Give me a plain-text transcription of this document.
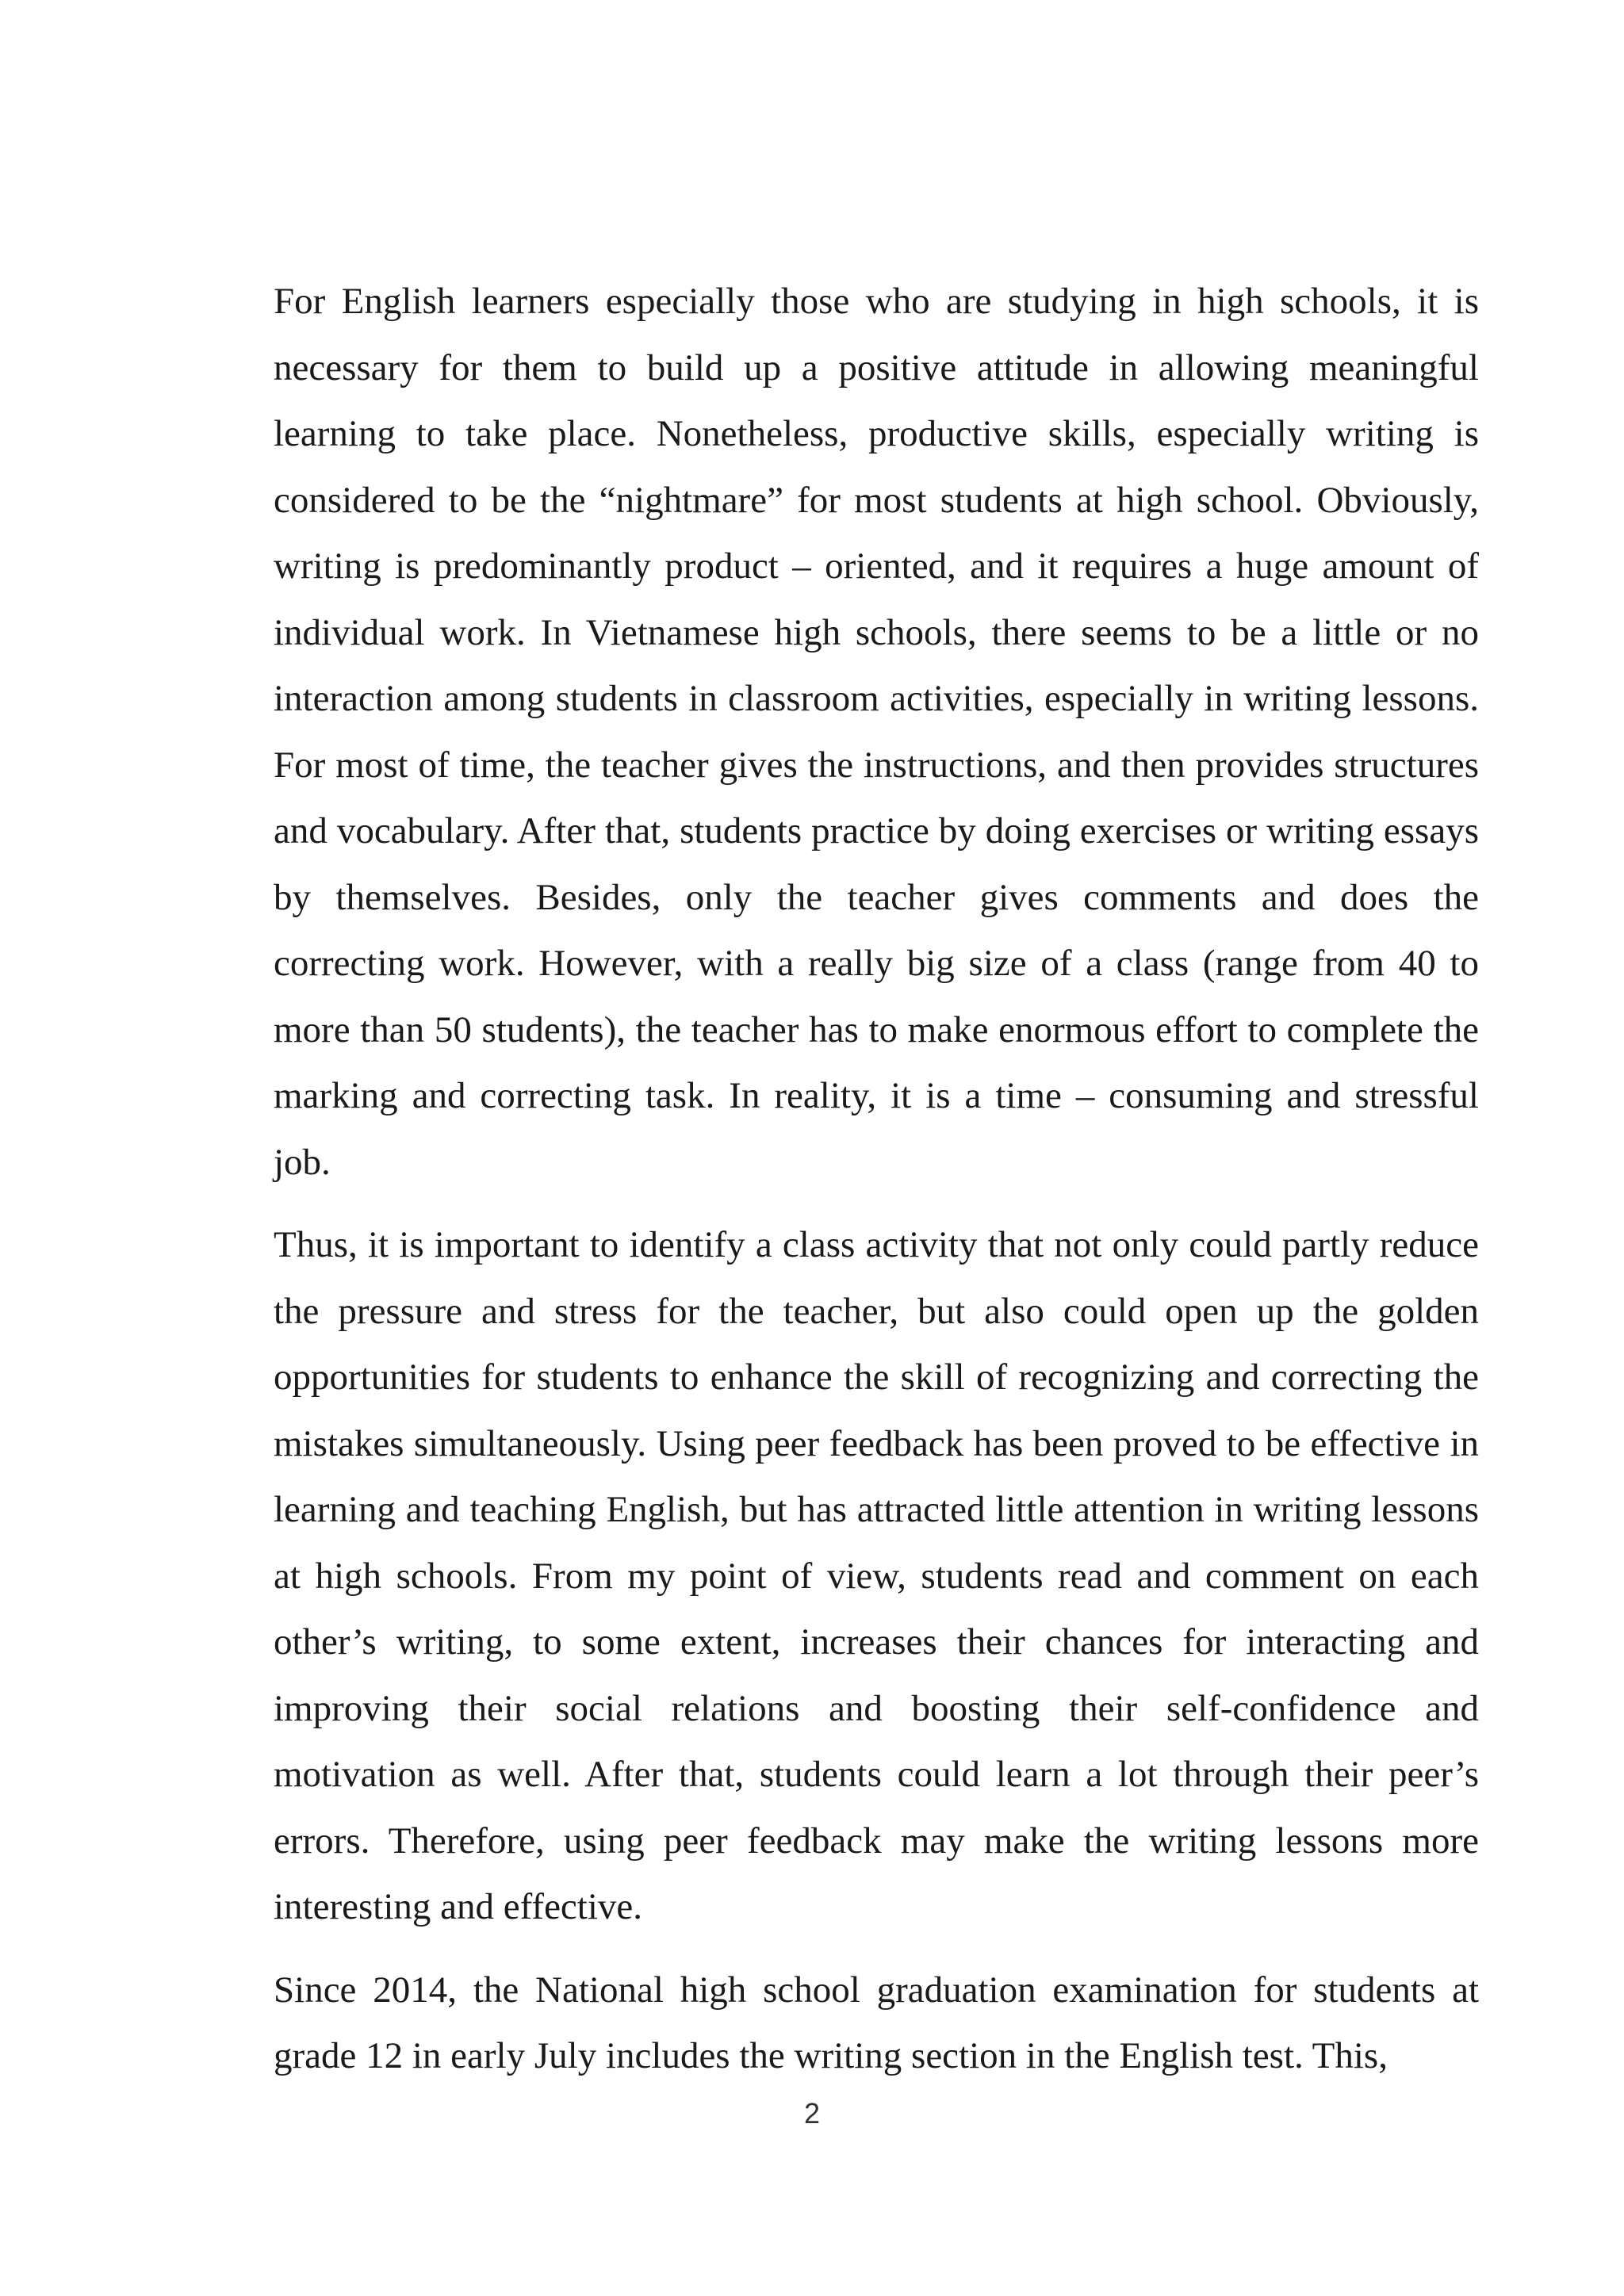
For English learners especially those who are studying in high schools, it is necessary for them to build up a positive attitude in allowing meaningful learning to take place. Nonetheless, productive skills, especially writing is considered to be the “nightmare” for most students at high school. Obviously, writing is predominantly product – oriented, and it requires a huge amount of individual work. In Vietnamese high schools, there seems to be a little or no interaction among students in classroom activities, especially in writing lessons. For most of time, the teacher gives the instructions, and then provides structures and vocabulary. After that, students practice by doing exercises or writing essays by themselves. Besides, only the teacher gives comments and does the correcting work. However, with a really big size of a class (range from 40 to more than 50 students), the teacher has to make enormous effort to complete the marking and correcting task. In reality, it is a time – consuming and stressful job.

Thus, it is important to identify a class activity that not only could partly reduce the pressure and stress for the teacher, but also could open up the golden opportunities for students to enhance the skill of recognizing and correcting the mistakes simultaneously. Using peer feedback has been proved to be effective in learning and teaching English, but has attracted little attention in writing lessons at high schools. From my point of view, students read and comment on each other’s writing, to some extent, increases their chances for interacting and improving their social relations and boosting their self-confidence and motivation as well. After that, students could learn a lot through their peer’s errors. Therefore, using peer feedback may make the writing lessons more interesting and effective.

Since 2014, the National high school graduation examination for students at grade 12 in early July includes the writing section in the English test. This,

2
